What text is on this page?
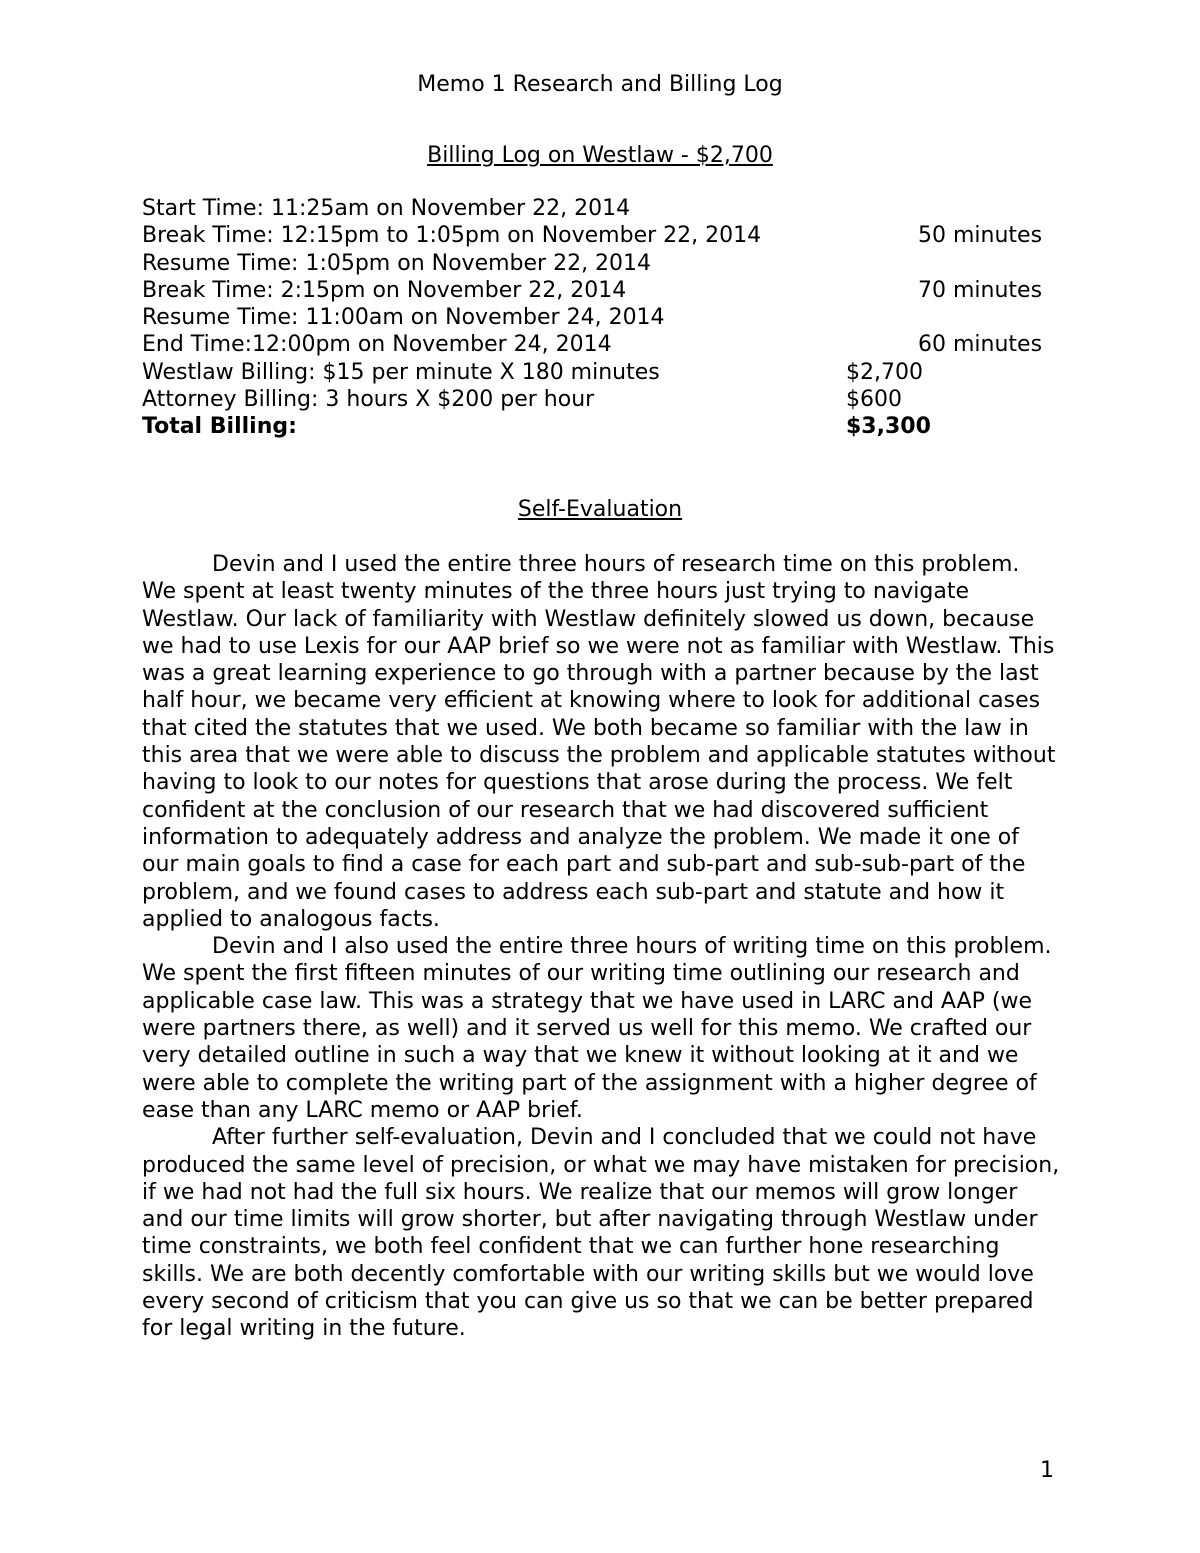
Memo 1 Research and Billing Log
Billing Log on Westlaw - $2,700
Start Time: 11:25am on November 22, 2014
Break Time: 12:15pm to 1:05pm on November 22, 2014	50 minutes
Resume Time: 1:05pm on November 22, 2014
Break Time: 2:15pm on November 22, 2014	70 minutes
Resume Time: 11:00am on November 24, 2014
End Time:12:00pm on November 24, 2014	60 minutes
Westlaw Billing: $15 per minute X 180 minutes	$2,700
Attorney Billing: 3 hours X $200 per hour	$600
Total Billing:	$3,300
Self-Evaluation

Devin and I used the entire three hours of research time on this problem. We spent at least twenty minutes of the three hours just trying to navigate Westlaw. Our lack of familiarity with Westlaw definitely slowed us down, because we had to use Lexis for our AAP brief so we were not as familiar with Westlaw. This was a great learning experience to go through with a partner because by the last half hour, we became very efficient at knowing where to look for additional cases that cited the statutes that we used. We both became so familiar with the law in this area that we were able to discuss the problem and applicable statutes without having to look to our notes for questions that arose during the process. We felt confident at the conclusion of our research that we had discovered sufficient information to adequately address and analyze the problem. We made it one of our main goals to find a case for each part and sub-part and sub-sub-part of the problem, and we found cases to address each sub-part and statute and how it applied to analogous facts.

Devin and I also used the entire three hours of writing time on this problem. We spent the first fifteen minutes of our writing time outlining our research and applicable case law. This was a strategy that we have used in LARC and AAP (we were partners there, as well) and it served us well for this memo. We crafted our very detailed outline in such a way that we knew it without looking at it and we were able to complete the writing part of the assignment with a higher degree of ease than any LARC memo or AAP brief.

After further self-evaluation, Devin and I concluded that we could not have produced the same level of precision, or what we may have mistaken for precision, if we had not had the full six hours. We realize that our memos will grow longer and our time limits will grow shorter, but after navigating through Westlaw under time constraints, we both feel confident that we can further hone researching skills. We are both decently comfortable with our writing skills but we would love every second of criticism that you can give us so that we can be better prepared for legal writing in the future.

1
